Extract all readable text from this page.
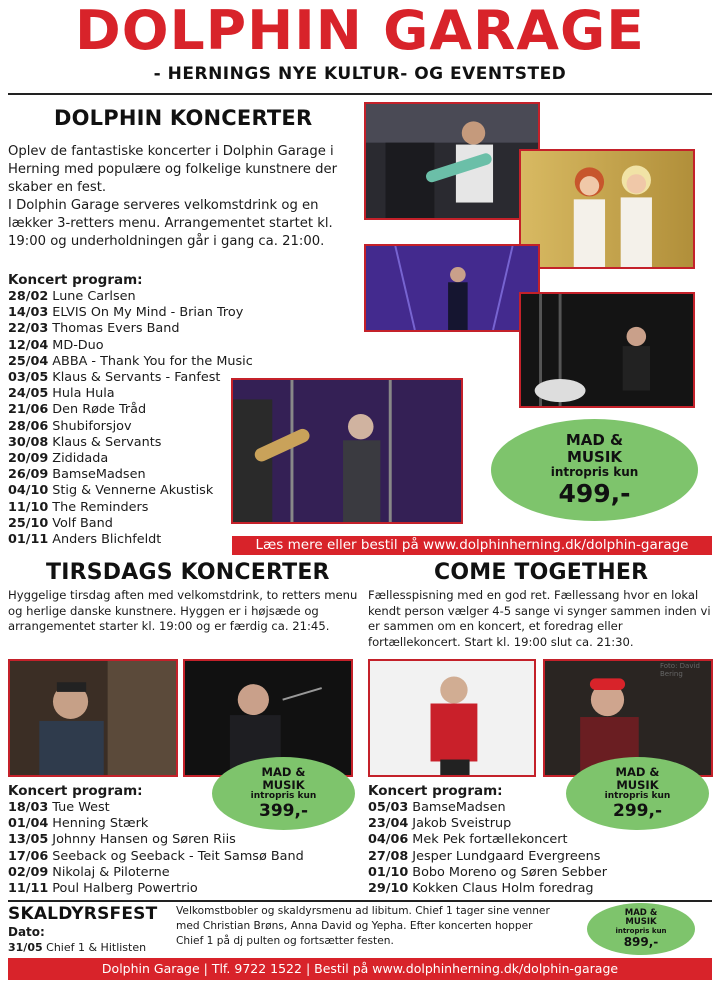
DOLPHIN GARAGE
- HERNINGS NYE KULTUR- OG EVENTSTED
DOLPHIN KONCERTER
Oplev de fantastiske koncerter i Dolphin Garage i Herning med populære og folkelige kunstnere der skaber en fest.
I Dolphin Garage serveres velkomstdrink og en lækker 3-retters menu. Arrangementet startet kl. 19:00 og underholdningen går i gang ca. 21:00.
Koncert program:
28/02 Lune Carlsen
14/03 ELVIS On My Mind - Brian Troy
22/03 Thomas Evers Band
12/04 MD-Duo
25/04 ABBA - Thank You for the Music
03/05 Klaus & Servants - Fanfest
24/05 Hula Hula
21/06 Den Røde Tråd
28/06 Shubiforsjov
30/08 Klaus & Servants
20/09 Zididada
26/09 BamseMadsen
04/10 Stig & Vennerne Akustisk
11/10 The Reminders
25/10 Volf Band
01/11 Anders Blichfeldt
MAD &
MUSIK
intropris kun
499,-
Læs mere eller bestil på www.dolphinherning.dk/dolphin-garage
TIRSDAGS KONCERTER	COME TOGETHER
Hyggelige tirsdag aften med velkomstdrink, to retters menu og herlige danske kunstnere. Hyggen er i højsæde og arrangementet starter kl. 19:00 og er færdig ca. 21:45.
Fællesspisning med en god ret. Fællessang hvor en lokal kendt person vælger 4-5 sange vi synger sammen inden vi er sammen om en koncert, et foredrag eller fortællekoncert. Start kl. 19:00 slut ca. 21:30.
Foto: David Bering
Koncert program:
18/03 Tue West
01/04 Henning Stærk
13/05 Johnny Hansen og Søren Riis
17/06 Seeback og Seeback - Teit Samsø Band
02/09 Nikolaj & Piloterne
11/11 Poul Halberg Powertrio
MAD &
MUSIK
intropris kun
399,-
Koncert program:
05/03 BamseMadsen
23/04 Jakob Sveistrup
04/06 Mek Pek fortællekoncert
27/08 Jesper Lundgaard Evergreens
01/10 Bobo Moreno og Søren Sebber
29/10 Kokken Claus Holm foredrag
MAD &
MUSIK
intropris kun
299,-
SKALDYRSFEST
Dato:
31/05 Chief 1 & Hitlisten
Velkomstbobler og skaldyrsmenu ad libitum. Chief 1 tager sine venner med Christian Brøns, Anna David og Yepha. Efter koncerten hopper Chief 1 på dj pulten og fortsætter festen.
MAD &
MUSIK
intropris kun
899,-
Dolphin Garage | Tlf. 9722 1522 | Bestil på www.dolphinherning.dk/dolphin-garage
